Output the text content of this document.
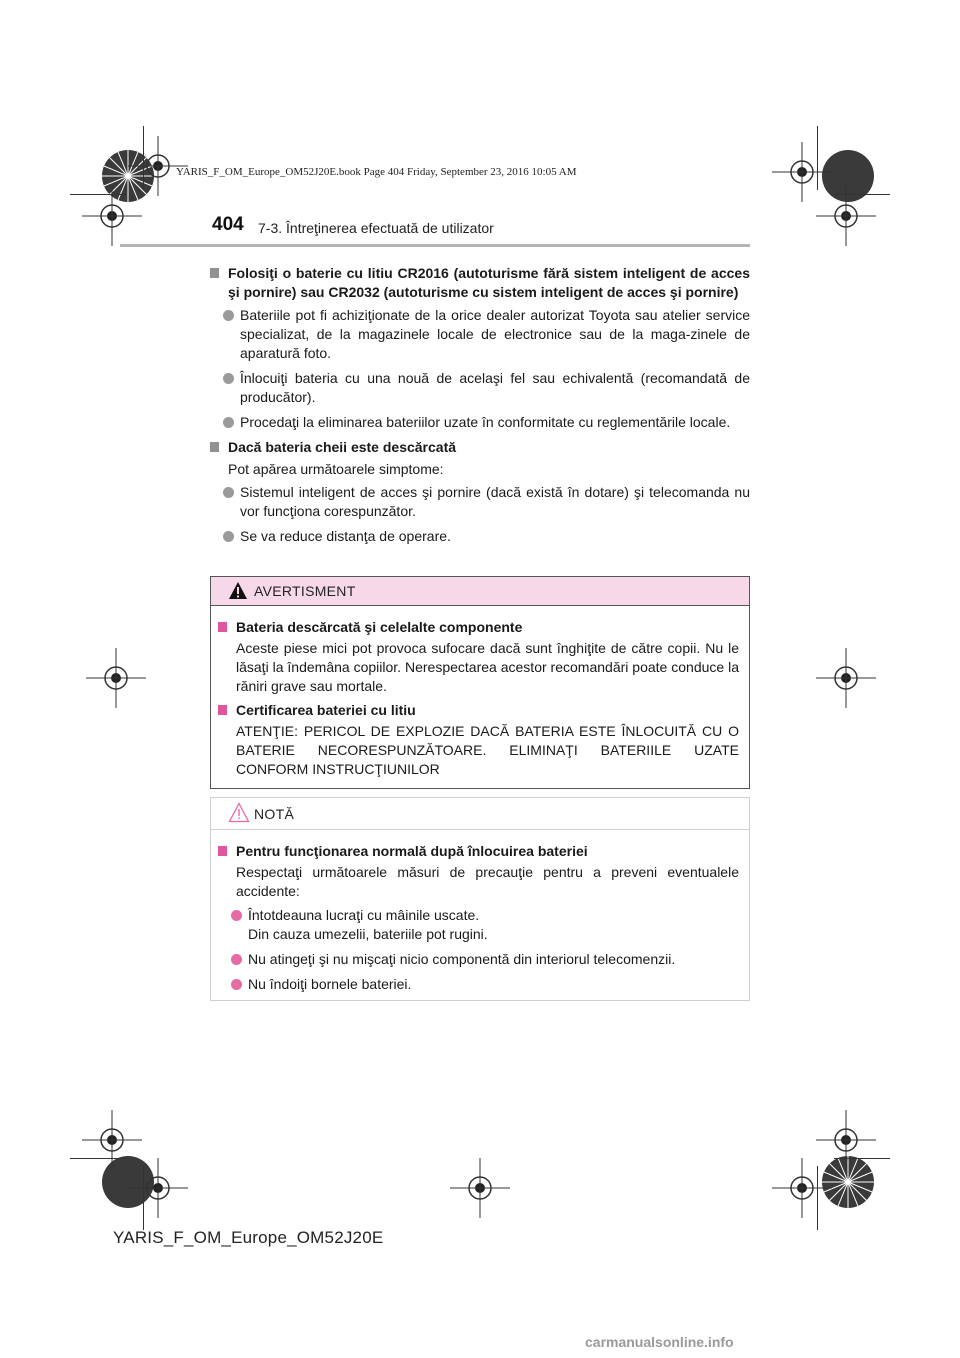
YARIS_F_OM_Europe_OM52J20E.book Page 404 Friday, September 23, 2016 10:05 AM
404 7-3. Întreţinerea efectuată de utilizator
Folosiţi o baterie cu litiu CR2016 (autoturisme fără sistem inteligent de acces şi pornire) sau CR2032 (autoturisme cu sistem inteligent de acces şi pornire)
Bateriile pot fi achiziţionate de la orice dealer autorizat Toyota sau atelier service specializat, de la magazinele locale de electronice sau de la maga-zinele de aparatură foto.
Înlocuiţi bateria cu una nouă de acelaşi fel sau echivalentă (recomandată de producător).
Procedaţi la eliminarea bateriilor uzate în conformitate cu reglementările locale.
Dacă bateria cheii este descărcată
Pot apărea următoarele simptome:
Sistemul inteligent de acces şi pornire (dacă există în dotare) şi telecomanda nu vor funcţiona corespunzător.
Se va reduce distanţa de operare.
AVERTISMENT
Bateria descărcată şi celelalte componente
Aceste piese mici pot provoca sufocare dacă sunt înghiţite de către copii. Nu le lăsaţi la îndemâna copiilor. Nerespectarea acestor recomandări poate conduce la răniri grave sau mortale.
Certificarea bateriei cu litiu
ATENŢIE: PERICOL DE EXPLOZIE DACĂ BATERIA ESTE ÎNLOCUITĂ CU O BATERIE NECORESPUNZĂTOARE. ELIMINAŢI BATERIILE UZATE CONFORM INSTRUCŢIUNILOR
NOTĂ
Pentru funcţionarea normală după înlocuirea bateriei
Respectaţi următoarele măsuri de precauţie pentru a preveni eventualele accidente:
Întotdeauna lucraţi cu mâinile uscate.
Din cauza umezelii, bateriile pot rugini.
Nu atingeţi şi nu mişcaţi nicio componentă din interiorul telecomenzii.
Nu îndoiţi bornele bateriei.
YARIS_F_OM_Europe_OM52J20E
carmanualsonline.info
